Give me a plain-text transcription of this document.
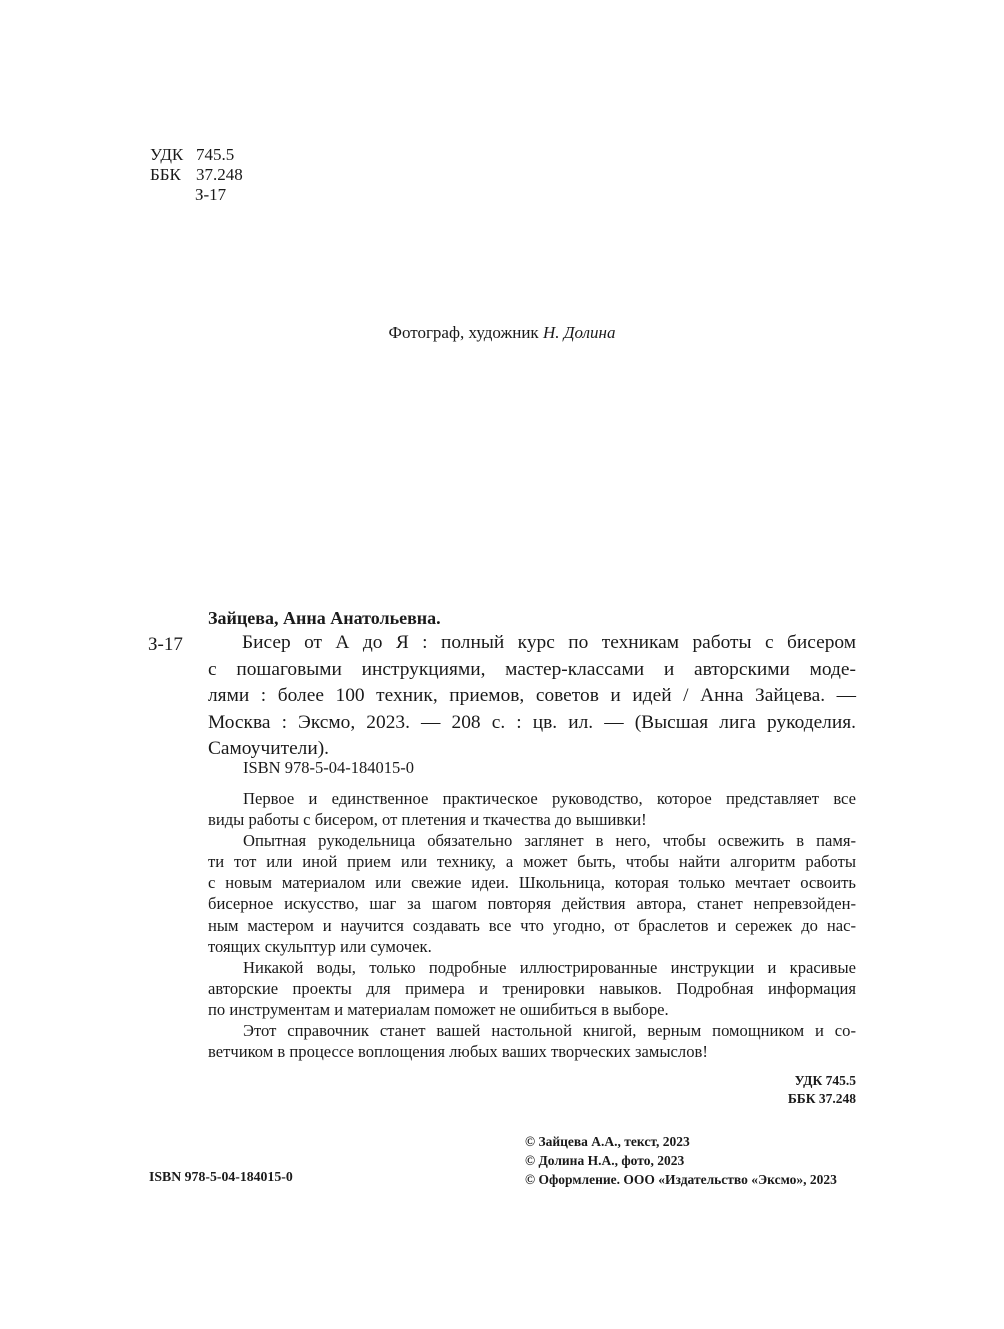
УДК 745.5
ББК 37.248
З-17
Фотограф, художник Н. Долина
Зайцева, Анна Анатольевна.
З-17	Бисер от А до Я : полный курс по техникам работы с бисером
с пошаговыми инструкциями, мастер-классами и авторскими моде-
лями : более 100 техник, приемов, советов и идей / Анна Зайцева. —
Москва : Эксмо, 2023. — 208 с. : цв. ил. — (Высшая лига рукоделия.
Самоучители).
ISBN 978-5-04-184015-0
Первое и единственное практическое руководство, которое представляет все
виды работы с бисером, от плетения и ткачества до вышивки!
Опытная рукодельница обязательно заглянет в него, чтобы освежить в памя-
ти тот или иной прием или технику, а может быть, чтобы найти алгоритм работы
с новым материалом или свежие идеи. Школьница, которая только мечтает освоить
бисерное искусство, шаг за шагом повторяя действия автора, станет непревзойден-
ным мастером и научится создавать все что угодно, от браслетов и сережек до нас-
тоящих скульптур или сумочек.
Никакой воды, только подробные иллюстрированные инструкции и красивые
авторские проекты для примера и тренировки навыков. Подробная информация
по инструментам и материалам поможет не ошибиться в выборе.
Этот справочник станет вашей настольной книгой, верным помощником и со-
ветчиком в процессе воплощения любых ваших творческих замыслов!
УДК 745.5
ББК 37.248
© Зайцева А.А., текст, 2023
© Долина Н.А., фото, 2023
© Оформление. ООО «Издательство «Эксмо», 2023
ISBN 978-5-04-184015-0
